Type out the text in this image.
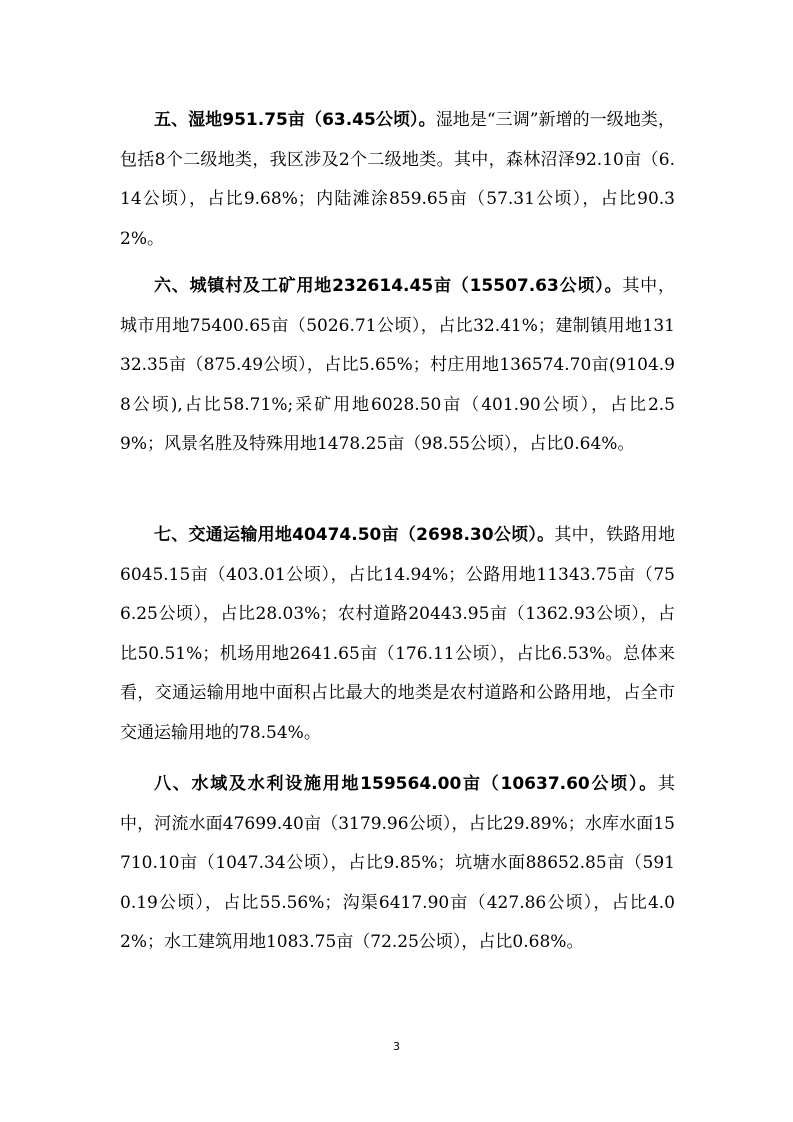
五、湿地951.75亩（63.45公顷）。湿地是“三调”新增的一级地类，包括8个二级地类，我区涉及2个二级地类。其中，森林沼泽92.10亩（6.14公顷），占比9.68%；内陆滩涂859.65亩（57.31公顷），占比90.32%。

六、城镇村及工矿用地232614.45亩（15507.63公顷）。其中，城市用地75400.65亩（5026.71公顷），占比32.41%；建制镇用地13132.35亩（875.49公顷），占比5.65%；村庄用地136574.70亩(9104.98公顷),占比58.71%;采矿用地6028.50亩（401.90公顷），占比2.59%；风景名胜及特殊用地1478.25亩（98.55公顷），占比0.64%。

七、交通运输用地40474.50亩（2698.30公顷）。其中，铁路用地6045.15亩（403.01公顷），占比14.94%；公路用地11343.75亩（756.25公顷），占比28.03%；农村道路20443.95亩（1362.93公顷），占比50.51%；机场用地2641.65亩（176.11公顷），占比6.53%。总体来看，交通运输用地中面积占比最大的地类是农村道路和公路用地，占全市交通运输用地的78.54%。

八、水域及水利设施用地159564.00亩（10637.60公顷）。其中，河流水面47699.40亩（3179.96公顷），占比29.89%；水库水面15710.10亩（1047.34公顷），占比9.85%；坑塘水面88652.85亩（5910.19公顷），占比55.56%；沟渠6417.90亩（427.86公顷），占比4.02%；水工建筑用地1083.75亩（72.25公顷），占比0.68%。

3
